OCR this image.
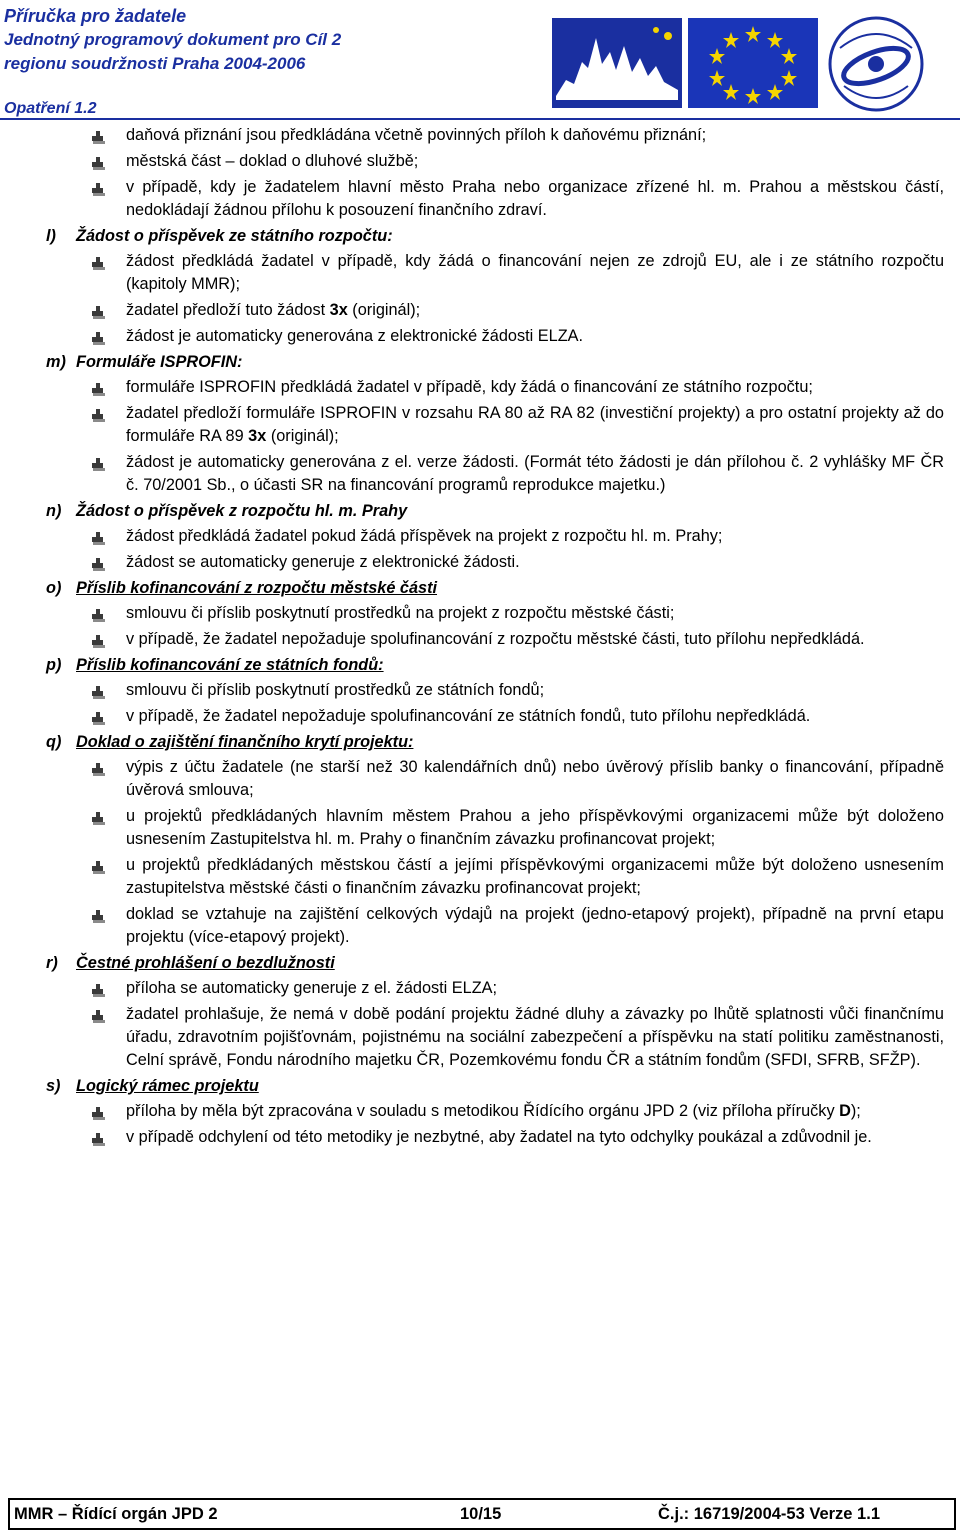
Příručka pro žadatele
Jednotný programový dokument pro Cíl 2
regionu soudržnosti Praha 2004-2006
Opatření 1.2
daňová přiznání jsou předkládána včetně povinných příloh k daňovému přiznání;
městská část – doklad o dluhové službě;
v případě, kdy je žadatelem hlavní město Praha nebo organizace zřízené hl. m. Prahou a městskou částí, nedokládají žádnou přílohu k posouzení finančního zdraví.
l) Žádost o příspěvek ze státního rozpočtu:
žádost předkládá žadatel v případě, kdy žádá o financování nejen ze zdrojů EU, ale i ze státního rozpočtu (kapitoly MMR);
žadatel předloží tuto žádost 3x (originál);
žádost je automaticky generována z elektronické žádosti ELZA.
m) Formuláře ISPROFIN:
formuláře ISPROFIN předkládá žadatel v případě, kdy žádá o financování ze státního rozpočtu;
žadatel předloží formuláře ISPROFIN v rozsahu RA 80 až RA 82 (investiční projekty) a pro ostatní projekty až do formuláře RA 89 3x (originál);
žádost je automaticky generována z el. verze žádosti. (Formát této žádosti je dán přílohou č. 2 vyhlášky MF ČR č. 70/2001 Sb., o účasti SR na financování programů reprodukce majetku.)
n) Žádost o příspěvek z rozpočtu hl. m. Prahy
žádost předkládá žadatel pokud žádá příspěvek na projekt z rozpočtu hl. m. Prahy;
žádost se automaticky generuje z elektronické žádosti.
o) Příslib kofinancování z rozpočtu městské části
smlouvu či příslib poskytnutí prostředků na projekt z rozpočtu městské části;
v případě, že žadatel nepožaduje spolufinancování z rozpočtu městské části, tuto přílohu nepředkládá.
p) Příslib kofinancování ze státních fondů:
smlouvu či příslib poskytnutí prostředků ze státních fondů;
v případě, že žadatel nepožaduje spolufinancování ze státních fondů, tuto přílohu nepředkládá.
q) Doklad o zajištění finančního krytí projektu:
výpis z účtu žadatele (ne starší než 30 kalendářních dnů) nebo úvěrový příslib banky o financování, případně úvěrová smlouva;
u projektů předkládaných hlavním městem Prahou a jeho příspěvkovými organizacemi může být doloženo usnesením Zastupitelstva hl. m. Prahy o finančním závazku profinancovat projekt;
u projektů předkládaných městskou částí a jejími příspěvkovými organizacemi může být doloženo usnesením zastupitelstva městské části o finančním závazku profinancovat projekt;
doklad se vztahuje na zajištění celkových výdajů na projekt (jedno-etapový projekt), případně na první etapu projektu (více-etapový projekt).
r) Čestné prohlášení o bezdlužnosti
příloha se automaticky generuje z el. žádosti ELZA;
žadatel prohlašuje, že nemá v době podání projektu žádné dluhy a závazky po lhůtě splatnosti vůči finančnímu úřadu, zdravotním pojišťovnám, pojistnému na sociální zabezpečení a příspěvku na statí politiku zaměstnanosti, Celní správě, Fondu národního majetku ČR, Pozemkovému fondu ČR a státním fondům (SFDI, SFRB, SFŽP).
s) Logický rámec projektu
příloha by měla být zpracována v souladu s metodikou Řídícího orgánu JPD 2 (viz příloha příručky D);
v případě odchylení od této metodiky je nezbytné, aby žadatel na tyto odchylky poukázal a zdůvodnil je.
MMR – Řídící orgán JPD 2	10/15	Č.j.: 16719/2004-53 Verze 1.1
